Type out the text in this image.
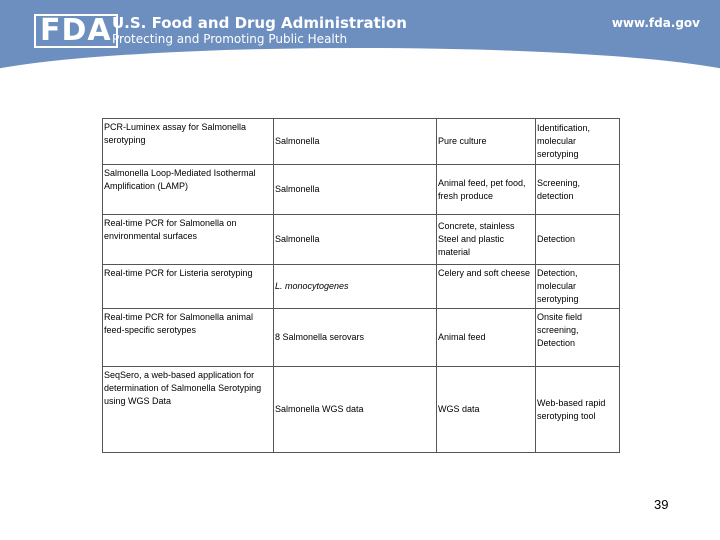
FDA U.S. Food and Drug Administration
Protecting and Promoting Public Health
www.fda.gov
PCR-Luminex assay for Salmonella serotyping	Salmonella	Pure culture	Identification, molecular serotyping
Salmonella Loop-Mediated Isothermal Amplification (LAMP)	Salmonella	Animal feed, pet food, fresh produce	Screening, detection
Real-time PCR for Salmonella on environmental surfaces	Salmonella	Concrete, stainless Steel and plastic material	Detection
Real-time PCR for Listeria serotyping	L. monocytogenes	Celery and soft cheese	Detection, molecular serotyping
Real-time PCR for Salmonella animal feed-specific serotypes	8 Salmonella serovars	Animal feed	Onsite field screening, Detection
SeqSero, a web-based application for determination of Salmonella Serotyping using WGS Data	Salmonella WGS data	WGS data	Web-based rapid serotyping tool
39
